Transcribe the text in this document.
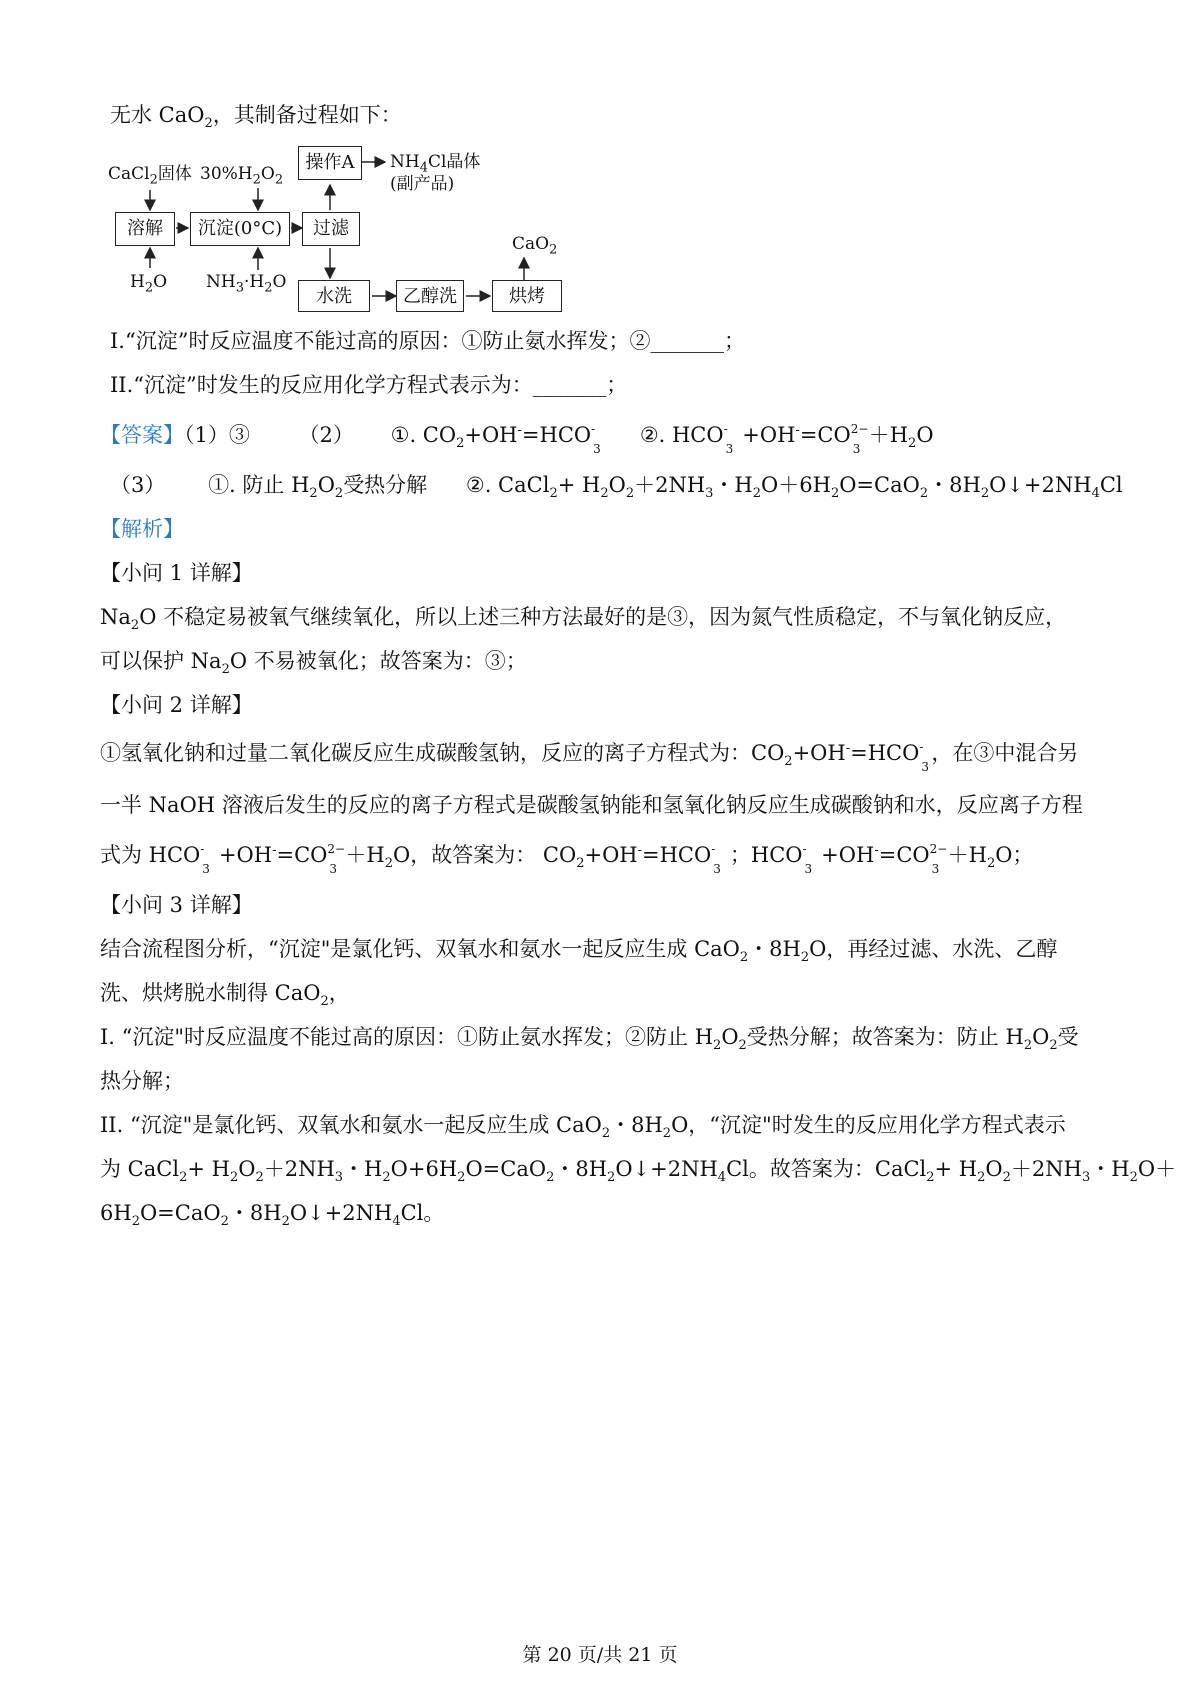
无水 CaO$_2$，其制备过程如下：
CaCl$_2$固体 $30\%H_2O_2$
操作A	$NH_4Cl$晶体
(副产品)
溶解	沉淀(0°C)	过滤
$H_2O$ $NH_3\cdot H_2O$
水洗	乙醇洗	烘烤
CaO$_2$
I.“沉淀”时反应温度不能过高的原因：①防止氨水挥发；②_______；
II.“沉淀”时发生的反应用化学方程式表示为：_______；
【答案】（1）③ （2） ①. $CO_2+OH^-=HCO$ -
3
②. HCO -
3
+OH-=CO 2−
3
$+H_2O$
（3） ①. 防止 $H_2O_2$受热分解 ②. CaCl$_2$+ $H_2O_2+2NH_3$・$H_2O+6H_2O=CaO_2$・$8H_2O↓+2NH_4Cl$
【解析】
【小问 1 详解】
$Na_2O$ 不稳定易被氧气继续氧化，所以上述三种方法最好的是③，因为氮气性质稳定，不与氧化钠反应，
可以保护 $Na_2O$ 不易被氧化；故答案为：③；
【小问 2 详解】
①氢氧化钠和过量二氧化碳反应生成碳酸氢钠，反应的离子方程式为：$CO_2+OH^-=HCO$ -
3
，在③中混合另
一半 NaOH 溶液后发生的反应的离子方程式是碳酸氢钠能和氢氧化钠反应生成碳酸钠和水，反应离子方程
式为 HCO -
3
+OH-=CO 2−
3
$+H_2O$，故答案为： $CO_2+OH^-=HCO$ -
3
；HCO -
3
+OH-=CO 2−
3
$+H_2O$；
【小问 3 详解】
结合流程图分析，“沉淀"是氯化钙、双氧水和氨水一起反应生成 CaO$_2$・$8H_2O$，再经过滤、水洗、乙醇
洗、烘烤脱水制得 CaO$_2$，
I. “沉淀"时反应温度不能过高的原因：①防止氨水挥发；②防止 $H_2O_2$受热分解；故答案为：防止 $H_2O_2$受
热分解；
II. “沉淀"是氯化钙、双氧水和氨水一起反应生成 CaO$_2$・$8H_2O$，“沉淀"时发生的反应用化学方程式表示
为 CaCl$_2$+ $H_2O_2+2NH_3$・$H_2O+6H_2O=CaO_2$・$8H_2O↓+2NH_4Cl$。故答案为：CaCl$_2$+ $H_2O_2+2NH_3$・$H_2O+$
$6H_2O=CaO_2$・$8H_2O↓+2NH_4Cl$。
第 20 页/共 21 页
